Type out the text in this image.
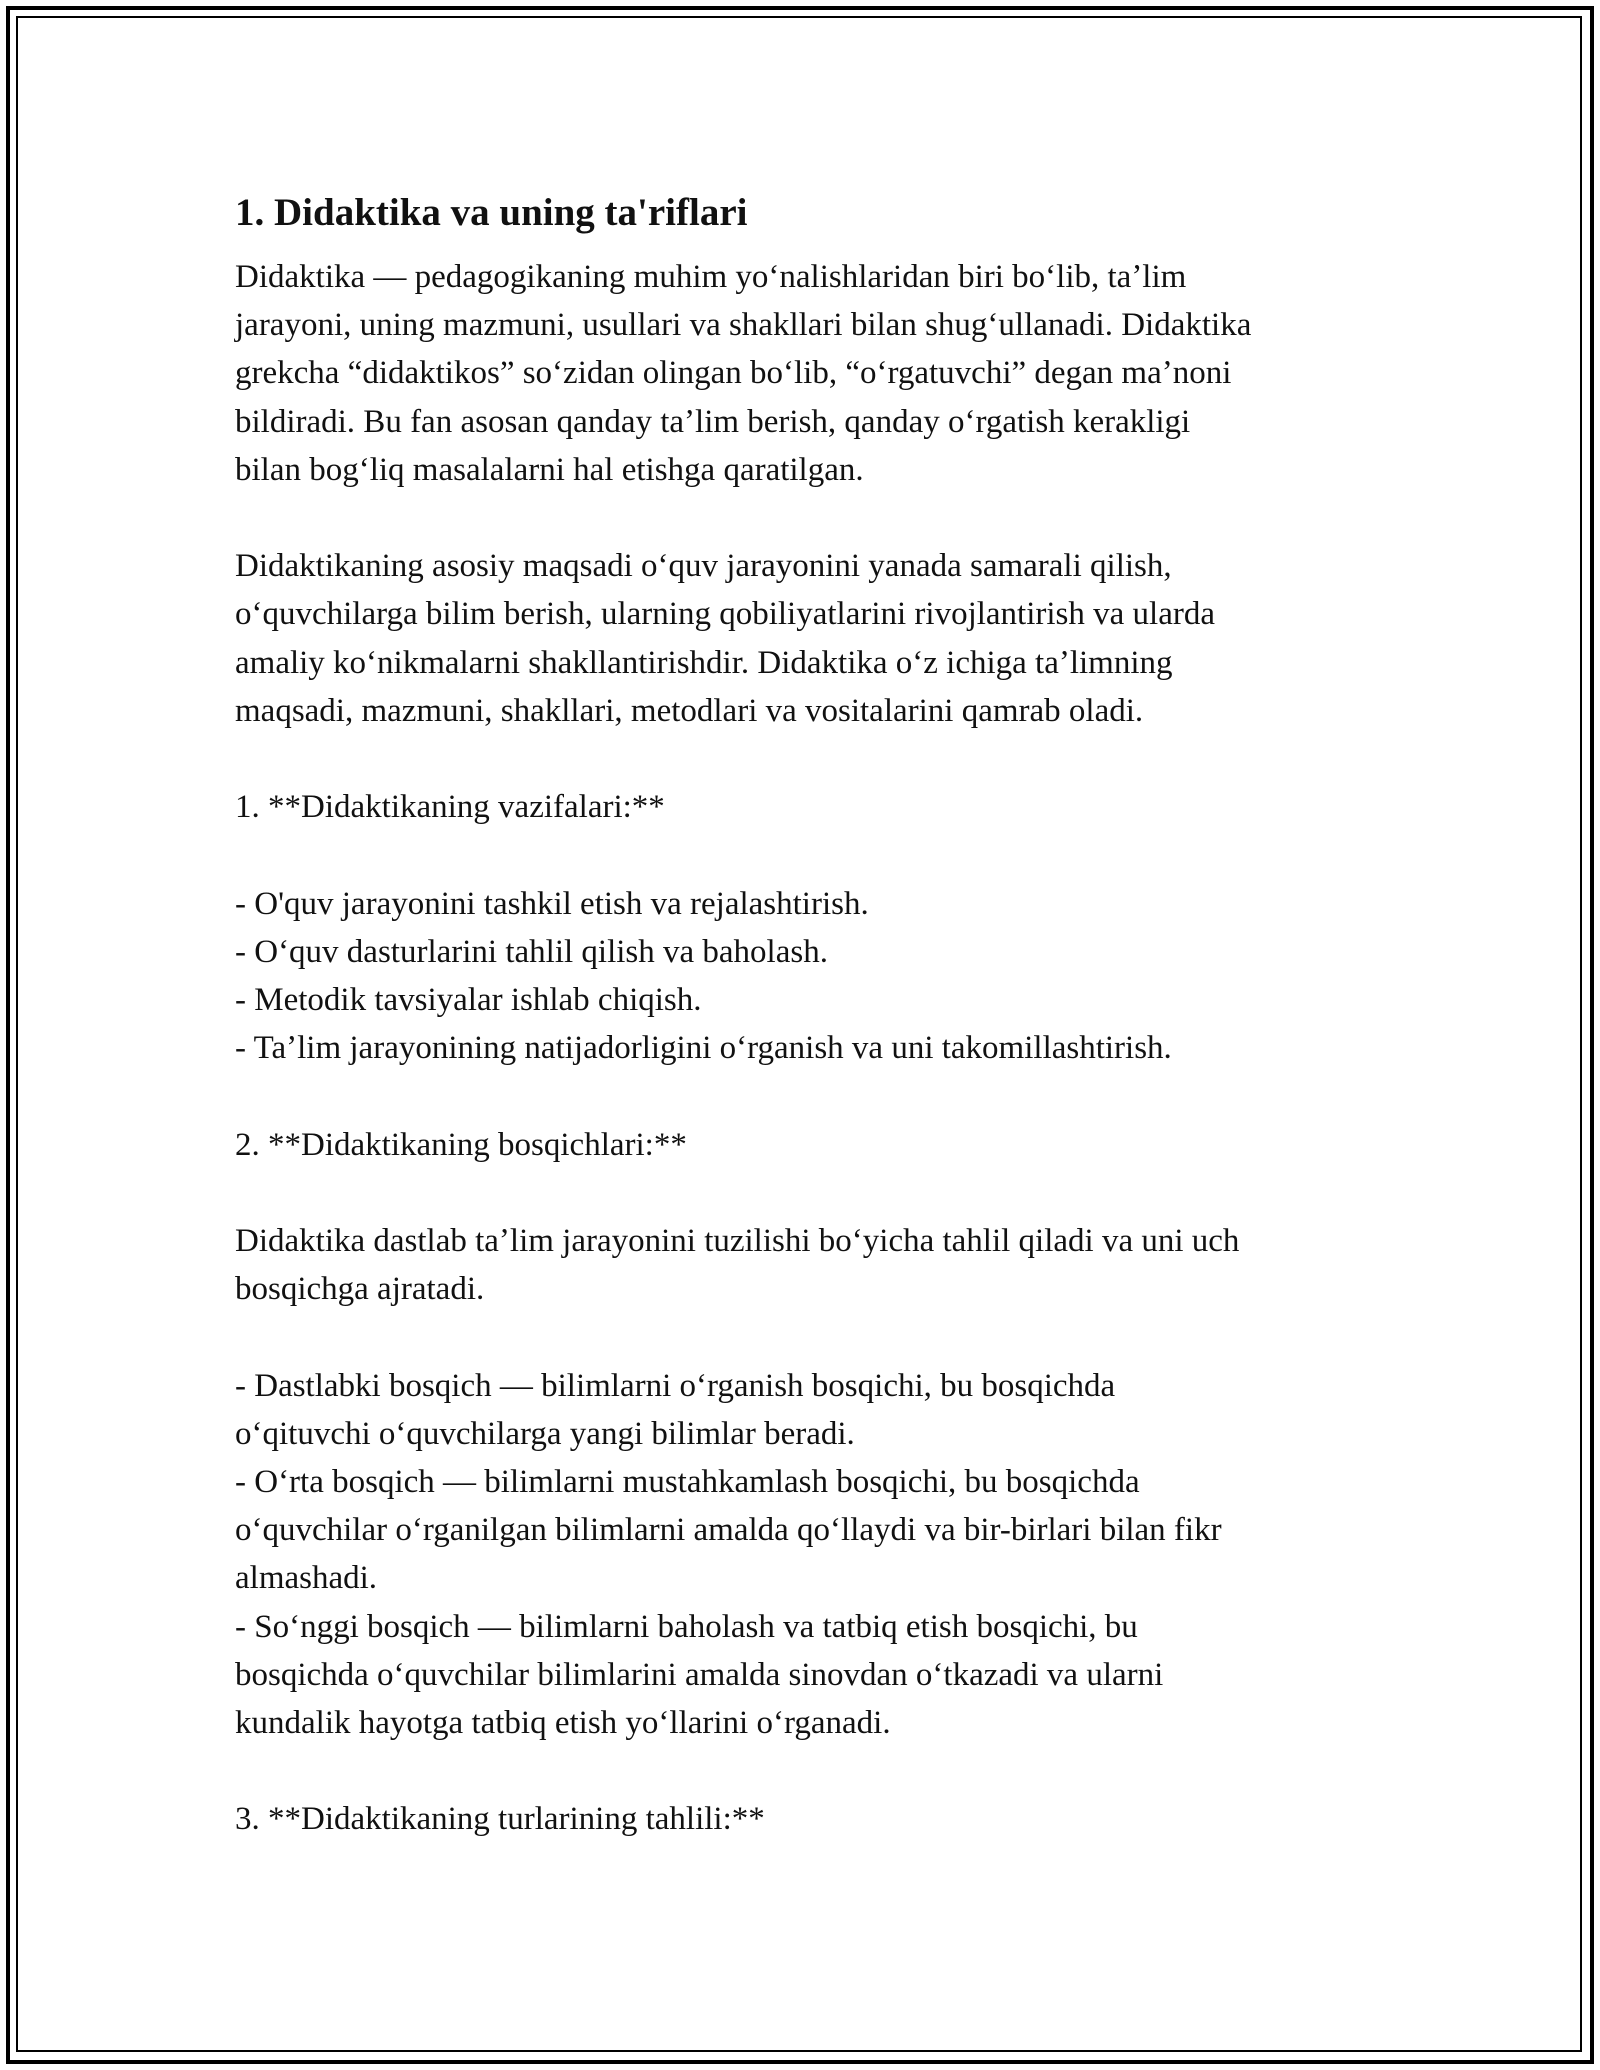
1. Didaktika va uning ta'riflari
Didaktika — pedagogikaning muhim yoʻnalishlaridan biri boʻlib, taʼlim
jarayoni, uning mazmuni, usullari va shakllari bilan shugʻullanadi. Didaktika
grekcha “didaktikos” soʻzidan olingan boʻlib, “oʻrgatuvchi” degan maʼnoni
bildiradi. Bu fan asosan qanday taʼlim berish, qanday oʻrgatish kerakligi
bilan bogʻliq masalalarni hal etishga qaratilgan.
Didaktikaning asosiy maqsadi oʻquv jarayonini yanada samarali qilish,
oʻquvchilarga bilim berish, ularning qobiliyatlarini rivojlantirish va ularda
amaliy koʻnikmalarni shakllantirishdir. Didaktika oʻz ichiga taʼlimning
maqsadi, mazmuni, shakllari, metodlari va vositalarini qamrab oladi.
1. **Didaktikaning vazifalari:**
- O'quv jarayonini tashkil etish va rejalashtirish.
- Oʻquv dasturlarini tahlil qilish va baholash.
- Metodik tavsiyalar ishlab chiqish.
- Taʼlim jarayonining natijadorligini oʻrganish va uni takomillashtirish.
2. **Didaktikaning bosqichlari:**
Didaktika dastlab taʼlim jarayonini tuzilishi boʻyicha tahlil qiladi va uni uch
bosqichga ajratadi.
- Dastlabki bosqich — bilimlarni oʻrganish bosqichi, bu bosqichda
oʻqituvchi oʻquvchilarga yangi bilimlar beradi.
- Oʻrta bosqich — bilimlarni mustahkamlash bosqichi, bu bosqichda
oʻquvchilar oʻrganilgan bilimlarni amalda qoʻllaydi va bir-birlari bilan fikr
almashadi.
- Soʻnggi bosqich — bilimlarni baholash va tatbiq etish bosqichi, bu
bosqichda oʻquvchilar bilimlarini amalda sinovdan oʻtkazadi va ularni
kundalik hayotga tatbiq etish yoʻllarini oʻrganadi.
3. **Didaktikaning turlarining tahlili:**
